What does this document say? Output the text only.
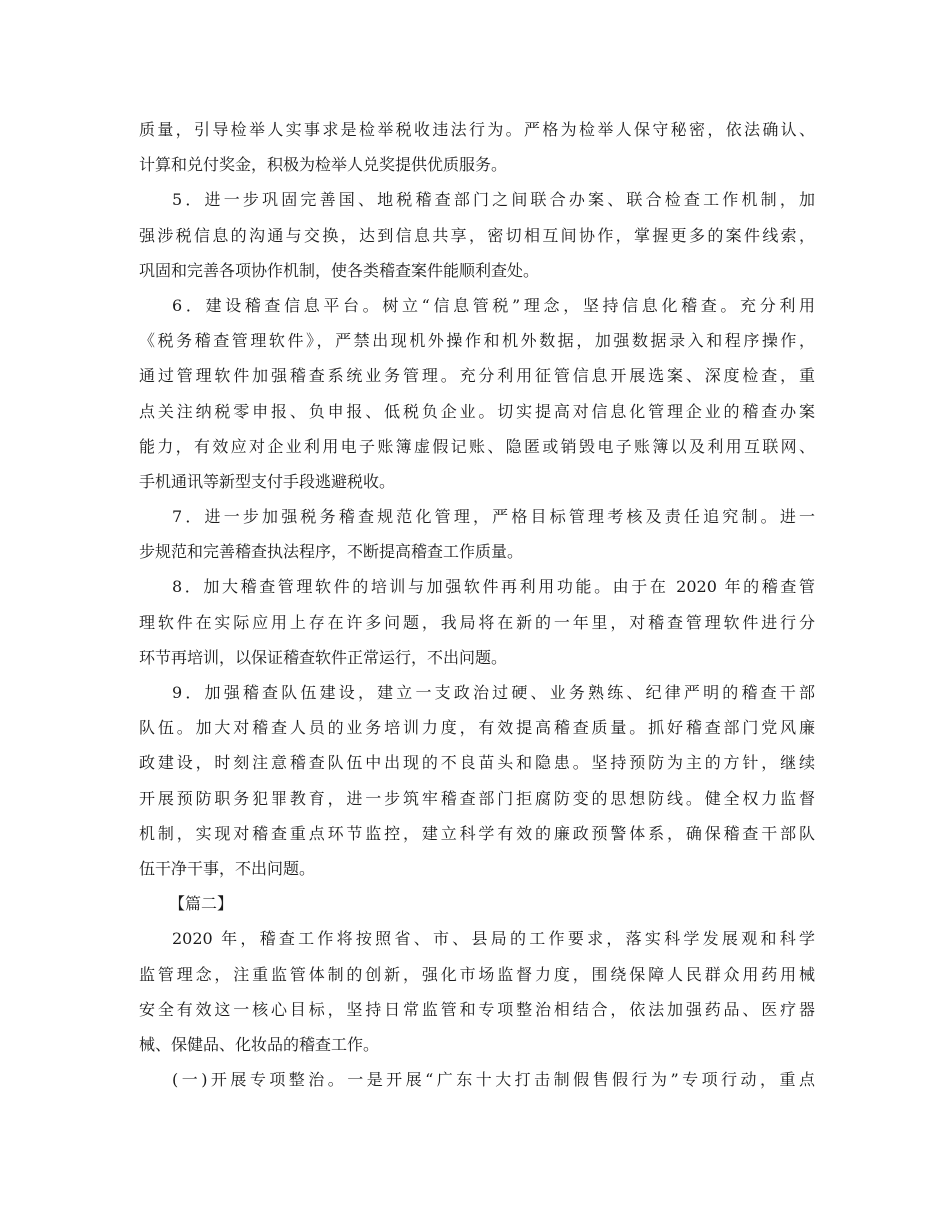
质量，引导检举人实事求是检举税收违法行为。严格为检举人保守秘密，依法确认、
计算和兑付奖金，积极为检举人兑奖提供优质服务。
5．进一步巩固完善国、地税稽查部门之间联合办案、联合检查工作机制，加
强涉税信息的沟通与交换，达到信息共享，密切相互间协作，掌握更多的案件线索，
巩固和完善各项协作机制，使各类稽查案件能顺利查处。
6．建设稽查信息平台。树立“信息管税”理念，坚持信息化稽查。充分利用
《税务稽查管理软件》，严禁出现机外操作和机外数据，加强数据录入和程序操作，
通过管理软件加强稽查系统业务管理。充分利用征管信息开展选案、深度检查，重
点关注纳税零申报、负申报、低税负企业。切实提高对信息化管理企业的稽查办案
能力，有效应对企业利用电子账簿虚假记账、隐匿或销毁电子账簿以及利用互联网、
手机通讯等新型支付手段逃避税收。
7．进一步加强税务稽查规范化管理，严格目标管理考核及责任追究制。进一
步规范和完善稽查执法程序，不断提高稽查工作质量。
8．加大稽查管理软件的培训与加强软件再利用功能。由于在 2020 年的稽查管
理软件在实际应用上存在许多问题，我局将在新的一年里，对稽查管理软件进行分
环节再培训，以保证稽查软件正常运行，不出问题。
9．加强稽查队伍建设，建立一支政治过硬、业务熟练、纪律严明的稽查干部
队伍。加大对稽查人员的业务培训力度，有效提高稽查质量。抓好稽查部门党风廉
政建设，时刻注意稽查队伍中出现的不良苗头和隐患。坚持预防为主的方针，继续
开展预防职务犯罪教育，进一步筑牢稽查部门拒腐防变的思想防线。健全权力监督
机制，实现对稽查重点环节监控，建立科学有效的廉政预警体系，确保稽查干部队
伍干净干事，不出问题。
【篇二】
2020 年，稽查工作将按照省、市、县局的工作要求，落实科学发展观和科学
监管理念，注重监管体制的创新，强化市场监督力度，围绕保障人民群众用药用械
安全有效这一核心目标，坚持日常监管和专项整治相结合，依法加强药品、医疗器
械、保健品、化妆品的稽查工作。
(一)开展专项整治。一是开展“广东十大打击制假售假行为”专项行动，重点
